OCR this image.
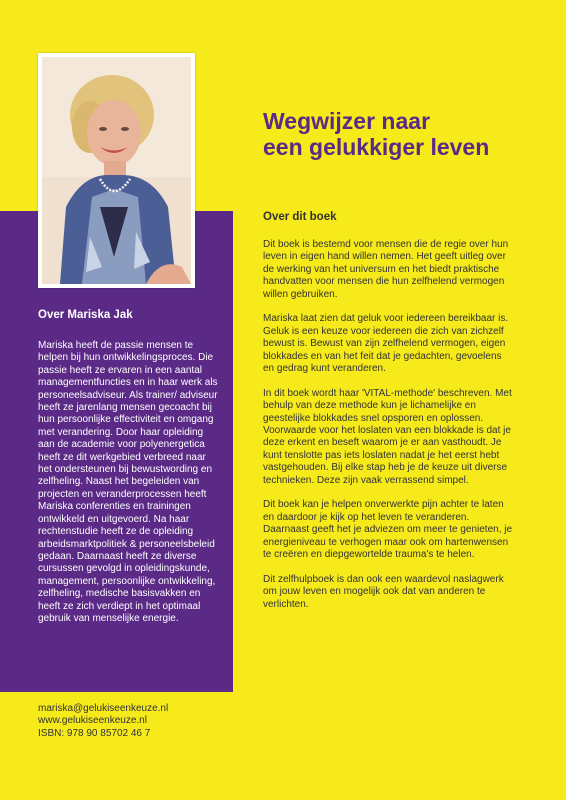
Over Mariska Jak

Mariska heeft de passie mensen te helpen bij hun ontwikkelingsproces. Die passie heeft ze ervaren in een aantal managementfuncties en in haar werk als personeelsadviseur. Als trainer/ adviseur heeft ze jarenlang mensen gecoacht bij hun persoonlijke effectiviteit en omgang met verandering. Door haar opleiding aan de academie voor polyenergetica heeft ze dit werkgebied verbreed naar het ondersteunen bij bewustwording en zelfheling. Naast het begeleiden van projecten en veranderprocessen heeft Mariska conferenties en trainingen ontwikkeld en uitgevoerd. Na haar rechtenstudie heeft ze de opleiding arbeidsmarktpolitiek & personeelsbeleid gedaan. Daarnaast heeft ze diverse cursussen gevolgd in opleidingskunde, management, persoonlijke ontwikkeling, zelfheling, medische basisvakken en heeft ze zich verdiept in het optimaal gebruik van menselijke energie.

mariska@gelukiseenkeuze.nl
www.gelukiseenkeuze.nl
ISBN: 978 90 85702 46 7
Wegwijzer naar
een gelukkiger leven
Over dit boek

Dit boek is bestemd voor mensen die de regie over hun leven in eigen hand willen nemen. Het geeft uitleg over de werking van het universum en het biedt praktische handvatten voor mensen die hun zelfhelend vermogen willen gebruiken.

Mariska laat zien dat geluk voor iedereen bereikbaar is. Geluk is een keuze voor iedereen die zich van zichzelf bewust is. Bewust van zijn zelfhelend vermogen, eigen blokkades en van het feit dat je gedachten, gevoelens en gedrag kunt veranderen.

In dit boek wordt haar 'VITAL-methode' beschreven. Met behulp van deze methode kun je lichamelijke en geestelijke blokkades snel opsporen en oplossen. Voorwaarde voor het loslaten van een blokkade is dat je deze erkent en beseft waarom je er aan vasthoudt. Je kunt tenslotte pas iets loslaten nadat je het eerst hebt vastgehouden. Bij elke stap heb je de keuze uit diverse technieken. Deze zijn vaak verrassend simpel.

Dit boek kan je helpen onverwerkte pijn achter te laten en daardoor je kijk op het leven te veranderen. Daarnaast geeft het je adviezen om meer te genieten, je energieniveau te verhogen maar ook om hartenwensen te creëren en diepgewortelde trauma's te helen.

Dit zelfhulpboek is dan ook een waardevol naslagwerk om jouw leven en mogelijk ook dat van anderen te verlichten.
